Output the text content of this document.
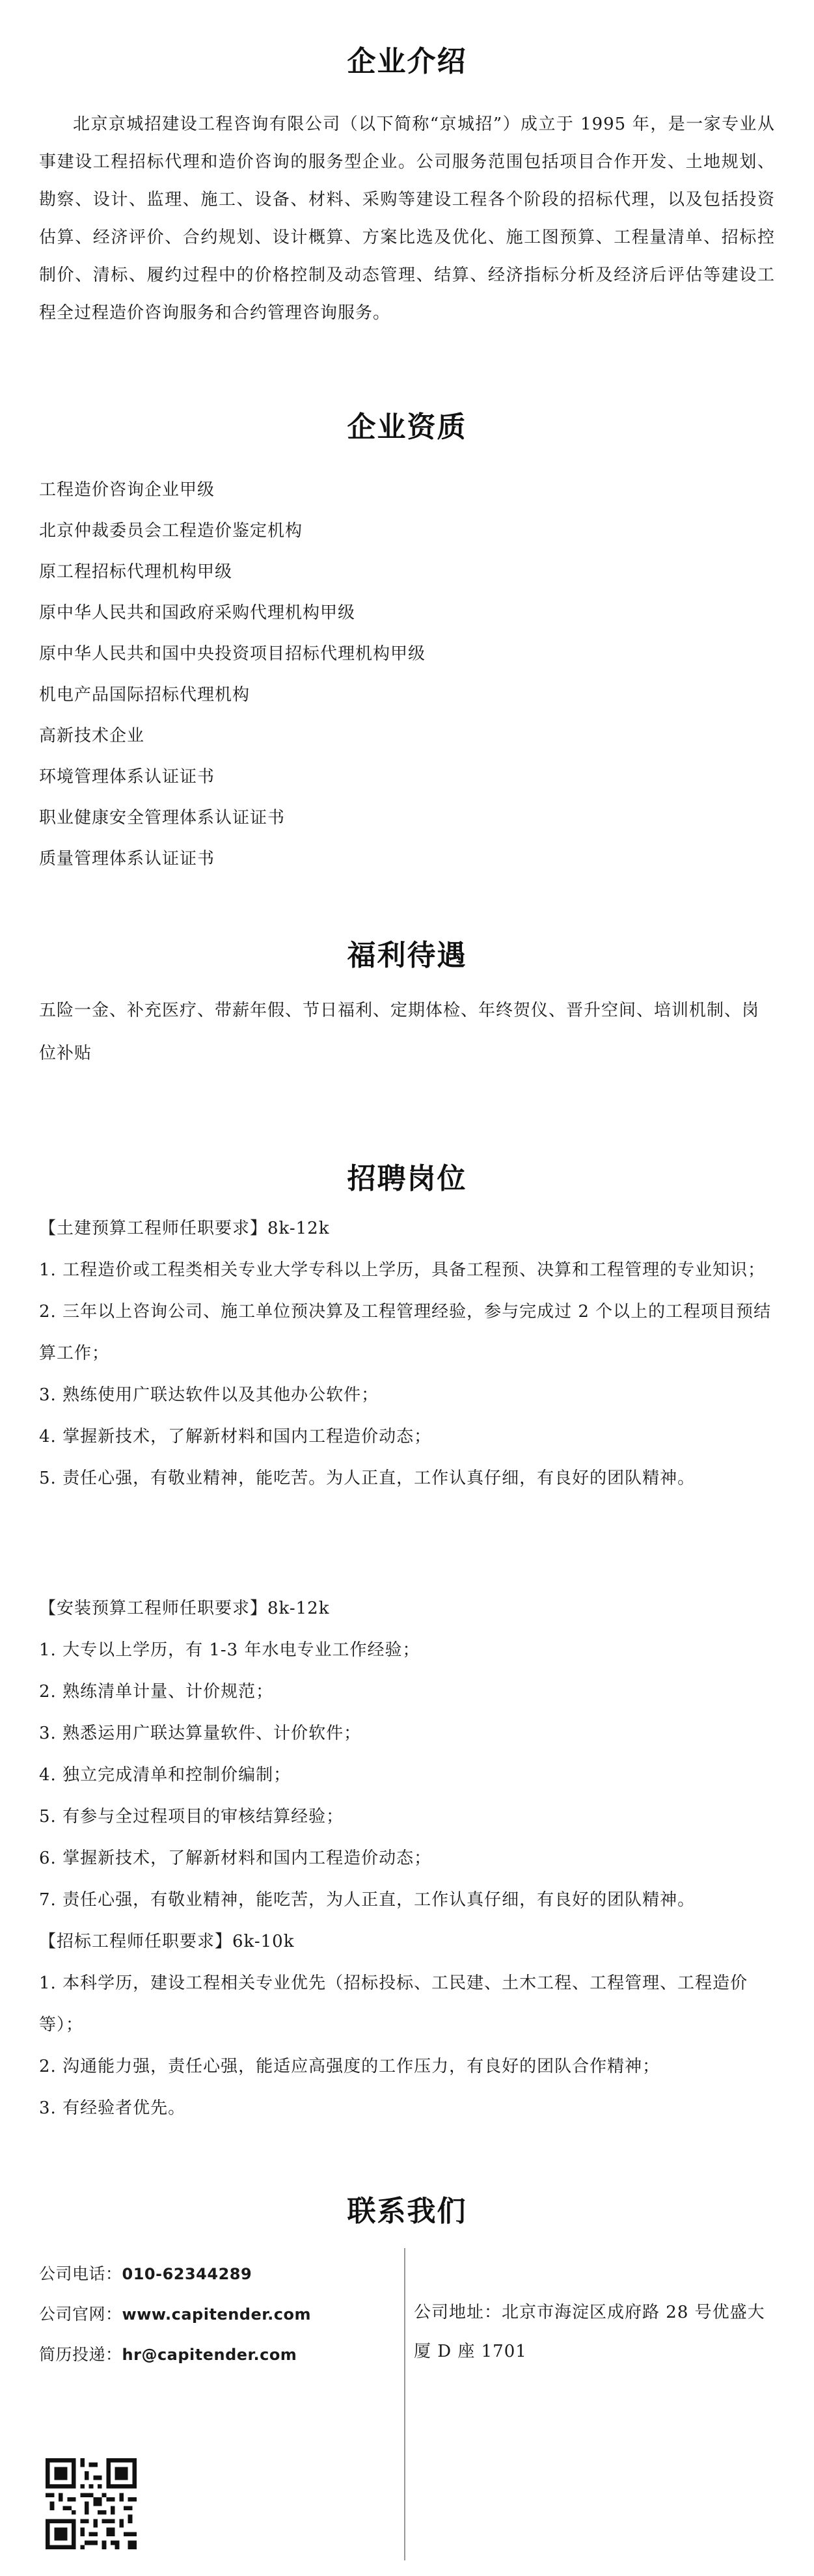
企业介绍

北京京城招建设工程咨询有限公司（以下简称“京城招”）成立于 1995 年，是一家专业从事建设工程招标代理和造价咨询的服务型企业。公司服务范围包括项目合作开发、土地规划、勘察、设计、监理、施工、设备、材料、采购等建设工程各个阶段的招标代理，以及包括投资估算、经济评价、合约规划、设计概算、方案比选及优化、施工图预算、工程量清单、招标控制价、清标、履约过程中的价格控制及动态管理、结算、经济指标分析及经济后评估等建设工程全过程造价咨询服务和合约管理咨询服务。

企业资质
工程造价咨询企业甲级
北京仲裁委员会工程造价鉴定机构
原工程招标代理机构甲级
原中华人民共和国政府采购代理机构甲级
原中华人民共和国中央投资项目招标代理机构甲级
机电产品国际招标代理机构
高新技术企业
环境管理体系认证证书
职业健康安全管理体系认证证书
质量管理体系认证证书
福利待遇

五险一金、补充医疗、带薪年假、节日福利、定期体检、年终贺仪、晋升空间、培训机制、岗位补贴

招聘岗位
【土建预算工程师任职要求】8k-12k
1. 工程造价或工程类相关专业大学专科以上学历，具备工程预、决算和工程管理的专业知识；
2. 三年以上咨询公司、施工单位预决算及工程管理经验，参与完成过 2 个以上的工程项目预结算工作；
3. 熟练使用广联达软件以及其他办公软件；
4. 掌握新技术，了解新材料和国内工程造价动态；
5. 责任心强，有敬业精神，能吃苦。为人正直，工作认真仔细，有良好的团队精神。
【安装预算工程师任职要求】8k-12k
1. 大专以上学历，有 1-3 年水电专业工作经验；
2. 熟练清单计量、计价规范；
3. 熟悉运用广联达算量软件、计价软件；
4. 独立完成清单和控制价编制；
5. 有参与全过程项目的审核结算经验；
6. 掌握新技术，了解新材料和国内工程造价动态；
7. 责任心强，有敬业精神，能吃苦，为人正直，工作认真仔细，有良好的团队精神。
【招标工程师任职要求】6k-10k
1. 本科学历，建设工程相关专业优先（招标投标、工民建、土木工程、工程管理、工程造价等）；
2. 沟通能力强，责任心强，能适应高强度的工作压力，有良好的团队合作精神；
3. 有经验者优先。
联系我们
公司电话：010-62344289
公司官网：www.capitender.com
简历投递：hr@capitender.com
公司地址：北京市海淀区成府路 28 号优盛大厦 D 座 1701
